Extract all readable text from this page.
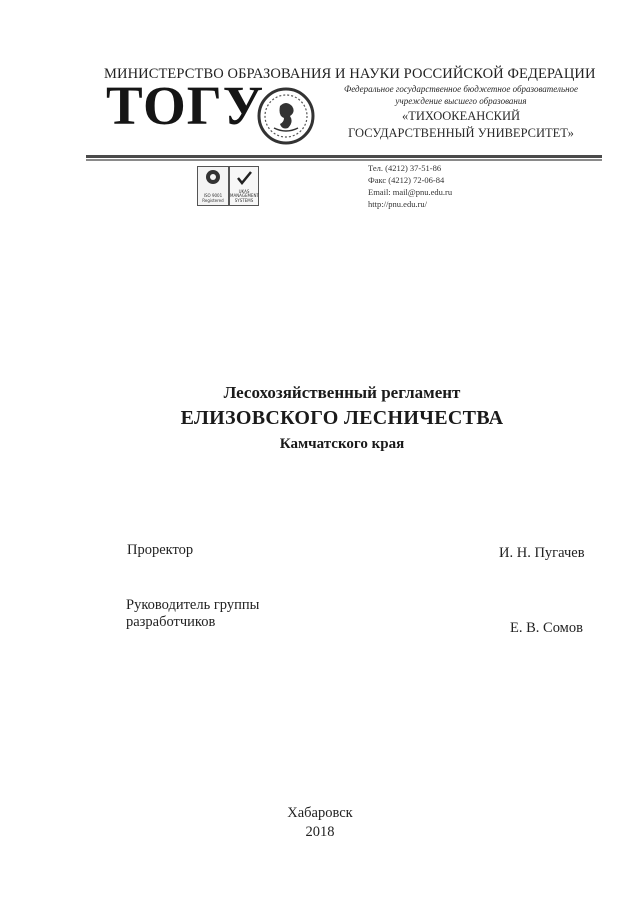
МИНИСТЕРСТВО ОБРАЗОВАНИЯ И НАУКИ РОССИЙСКОЙ ФЕДЕРАЦИИ
ТОГУ	Федеральное государственное бюджетное образовательное
учреждение высшего образования
«ТИХООКЕАНСКИЙ
ГОСУДАРСТВЕННЫЙ УНИВЕРСИТЕТ»
ISO 9001 Registered
UKAS MANAGEMENT SYSTEMS
Тел. (4212) 37-51-86
Факс (4212) 72-06-84
Email: mail@pnu.edu.ru
http://pnu.edu.ru/
Лесохозяйственный регламент
ЕЛИЗОВСКОГО ЛЕСНИЧЕСТВА
Камчатского края
Проректор	И. Н. Пугачев
Руководитель группы
разработчиков	Е. В. Сомов
Хабаровск
2018
